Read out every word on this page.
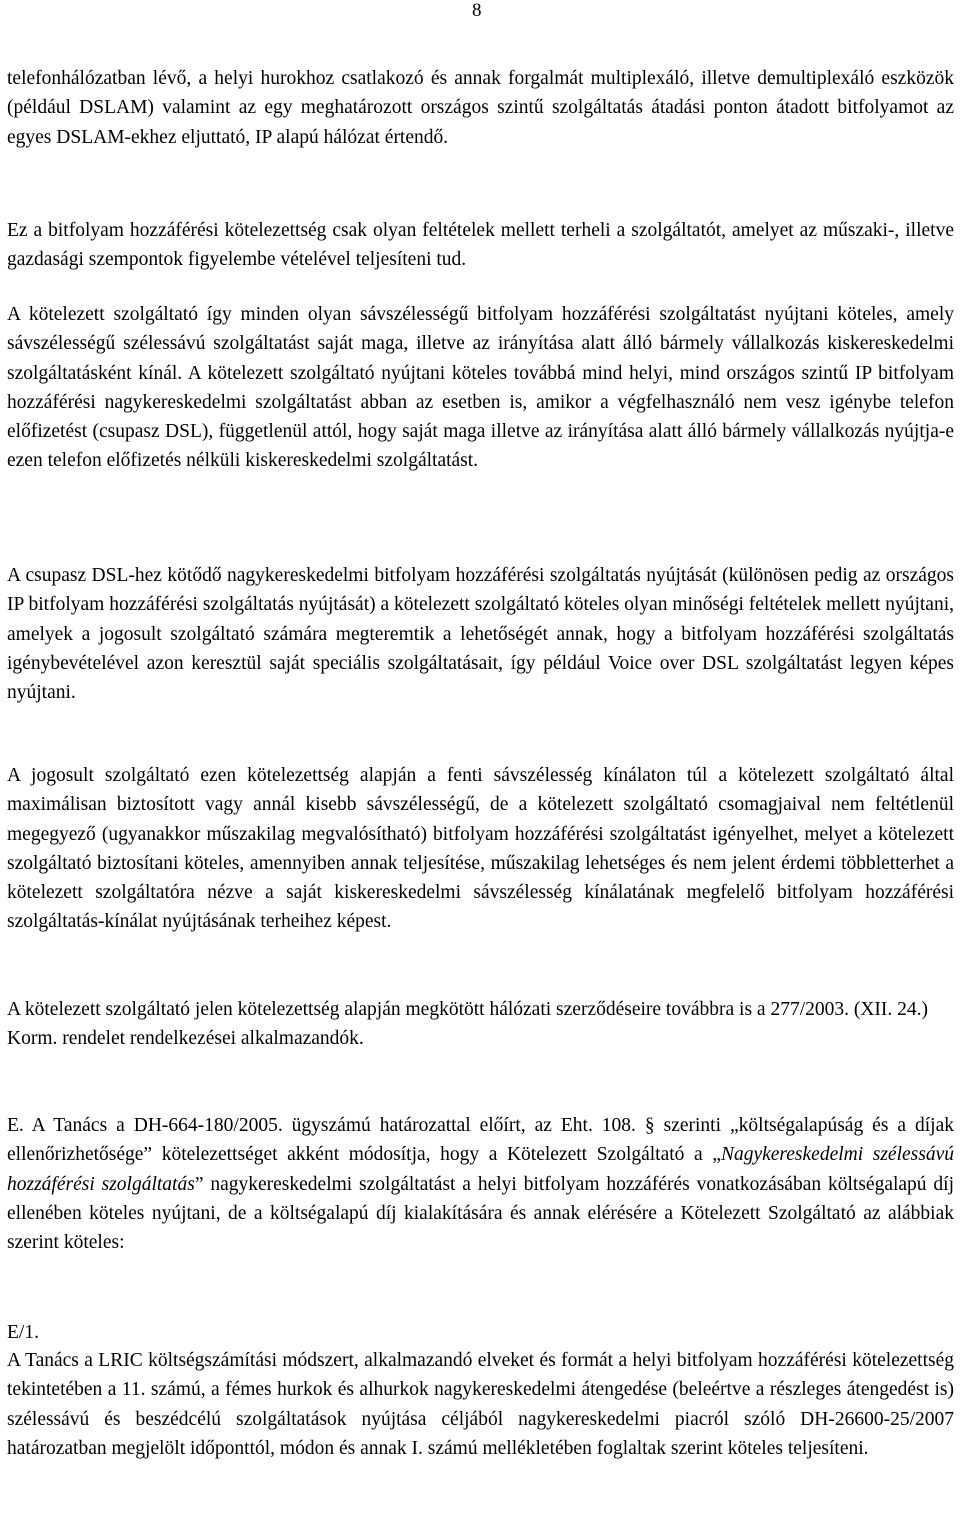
8

telefonhálózatban lévő, a helyi hurokhoz csatlakozó és annak forgalmát multiplexáló, illetve demultiplexáló eszközök (például DSLAM) valamint az egy meghatározott országos szintű szolgáltatás átadási ponton átadott bitfolyamot az egyes DSLAM-ekhez eljuttató, IP alapú hálózat értendő.

Ez a bitfolyam hozzáférési kötelezettség csak olyan feltételek mellett terheli a szolgáltatót, amelyet az műszaki-, illetve gazdasági szempontok figyelembe vételével teljesíteni tud.

A kötelezett szolgáltató így minden olyan sávszélességű bitfolyam hozzáférési szolgáltatást nyújtani köteles, amely sávszélességű szélessávú szolgáltatást saját maga, illetve az irányítása alatt álló bármely vállalkozás kiskereskedelmi szolgáltatásként kínál. A kötelezett szolgáltató nyújtani köteles továbbá mind helyi, mind országos szintű IP bitfolyam hozzáférési nagykereskedelmi szolgáltatást abban az esetben is, amikor a végfelhasználó nem vesz igénybe telefon előfizetést (csupasz DSL), függetlenül attól, hogy saját maga illetve az irányítása alatt álló bármely vállalkozás nyújtja-e ezen telefon előfizetés nélküli kiskereskedelmi szolgáltatást.

A csupasz DSL-hez kötődő nagykereskedelmi bitfolyam hozzáférési szolgáltatás nyújtását (különösen pedig az országos IP bitfolyam hozzáférési szolgáltatás nyújtását) a kötelezett szolgáltató köteles olyan minőségi feltételek mellett nyújtani, amelyek a jogosult szolgáltató számára megteremtik a lehetőségét annak, hogy a bitfolyam hozzáférési szolgáltatás igénybevételével azon keresztül saját speciális szolgáltatásait, így például Voice over DSL szolgáltatást legyen képes nyújtani.

A jogosult szolgáltató ezen kötelezettség alapján a fenti sávszélesség kínálaton túl a kötelezett szolgáltató által maximálisan biztosított vagy annál kisebb sávszélességű, de a kötelezett szolgáltató csomagjaival nem feltétlenül megegyező (ugyanakkor műszakilag megvalósítható) bitfolyam hozzáférési szolgáltatást igényelhet, melyet a kötelezett szolgáltató biztosítani köteles, amennyiben annak teljesítése, műszakilag lehetséges és nem jelent érdemi többletterhet a kötelezett szolgáltatóra nézve a saját kiskereskedelmi sávszélesség kínálatának megfelelő bitfolyam hozzáférési szolgáltatás-kínálat nyújtásának terheihez képest.

A kötelezett szolgáltató jelen kötelezettség alapján megkötött hálózati szerződéseire továbbra is a 277/2003. (XII. 24.) Korm. rendelet rendelkezései alkalmazandók.

E. A Tanács a DH-664-180/2005. ügyszámú határozattal előírt, az Eht. 108. § szerinti „költségalapúság és a díjak ellenőrizhetősége” kötelezettséget akként módosítja, hogy a Kötelezett Szolgáltató a „Nagykereskedelmi szélessávú hozzáférési szolgáltatás” nagykereskedelmi szolgáltatást a helyi bitfolyam hozzáférés vonatkozásában költségalapú díj ellenében köteles nyújtani, de a költségalapú díj kialakítására és annak elérésére a Kötelezett Szolgáltató az alábbiak szerint köteles:

E/1.

A Tanács a LRIC költségszámítási módszert, alkalmazandó elveket és formát a helyi bitfolyam hozzáférési kötelezettség tekintetében a 11. számú, a fémes hurkok és alhurkok nagykereskedelmi átengedése (beleértve a részleges átengedést is) szélessávú és beszédcélú szolgáltatások nyújtása céljából nagykereskedelmi piacról szóló DH-26600-25/2007 határozatban megjelölt időponttól, módon és annak I. számú mellékletében foglaltak szerint köteles teljesíteni.
